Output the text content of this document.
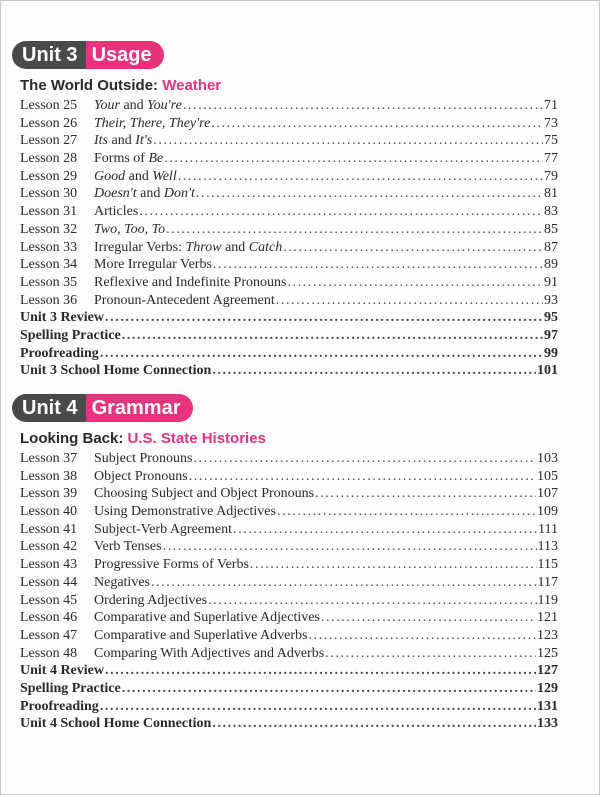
Unit 3 Usage
The World Outside: Weather
Lesson 25	Your and You're .....	71
Lesson 26	Their, There, They're .....	73
Lesson 27	Its and It's .....	75
Lesson 28	Forms of Be .....	77
Lesson 29	Good and Well .....	79
Lesson 30	Doesn't and Don't .....	81
Lesson 31	Articles .....	83
Lesson 32	Two, Too, To .....	85
Lesson 33	Irregular Verbs: Throw and Catch .....	87
Lesson 34	More Irregular Verbs .....	89
Lesson 35	Reflexive and Indefinite Pronouns .....	91
Lesson 36	Pronoun-Antecedent Agreement .....	93
Unit 3 Review .....	95
Spelling Practice .....	97
Proofreading .....	99
Unit 3 School Home Connection .....	101
Unit 4 Grammar
Looking Back: U.S. State Histories
Lesson 37	Subject Pronouns .....	103
Lesson 38	Object Pronouns .....	105
Lesson 39	Choosing Subject and Object Pronouns .....	107
Lesson 40	Using Demonstrative Adjectives .....	109
Lesson 41	Subject-Verb Agreement .....	111
Lesson 42	Verb Tenses .....	113
Lesson 43	Progressive Forms of Verbs .....	115
Lesson 44	Negatives .....	117
Lesson 45	Ordering Adjectives .....	119
Lesson 46	Comparative and Superlative Adjectives .....	121
Lesson 47	Comparative and Superlative Adverbs .....	123
Lesson 48	Comparing With Adjectives and Adverbs .....	125
Unit 4 Review .....	127
Spelling Practice .....	129
Proofreading .....	131
Unit 4 School Home Connection .....	133
